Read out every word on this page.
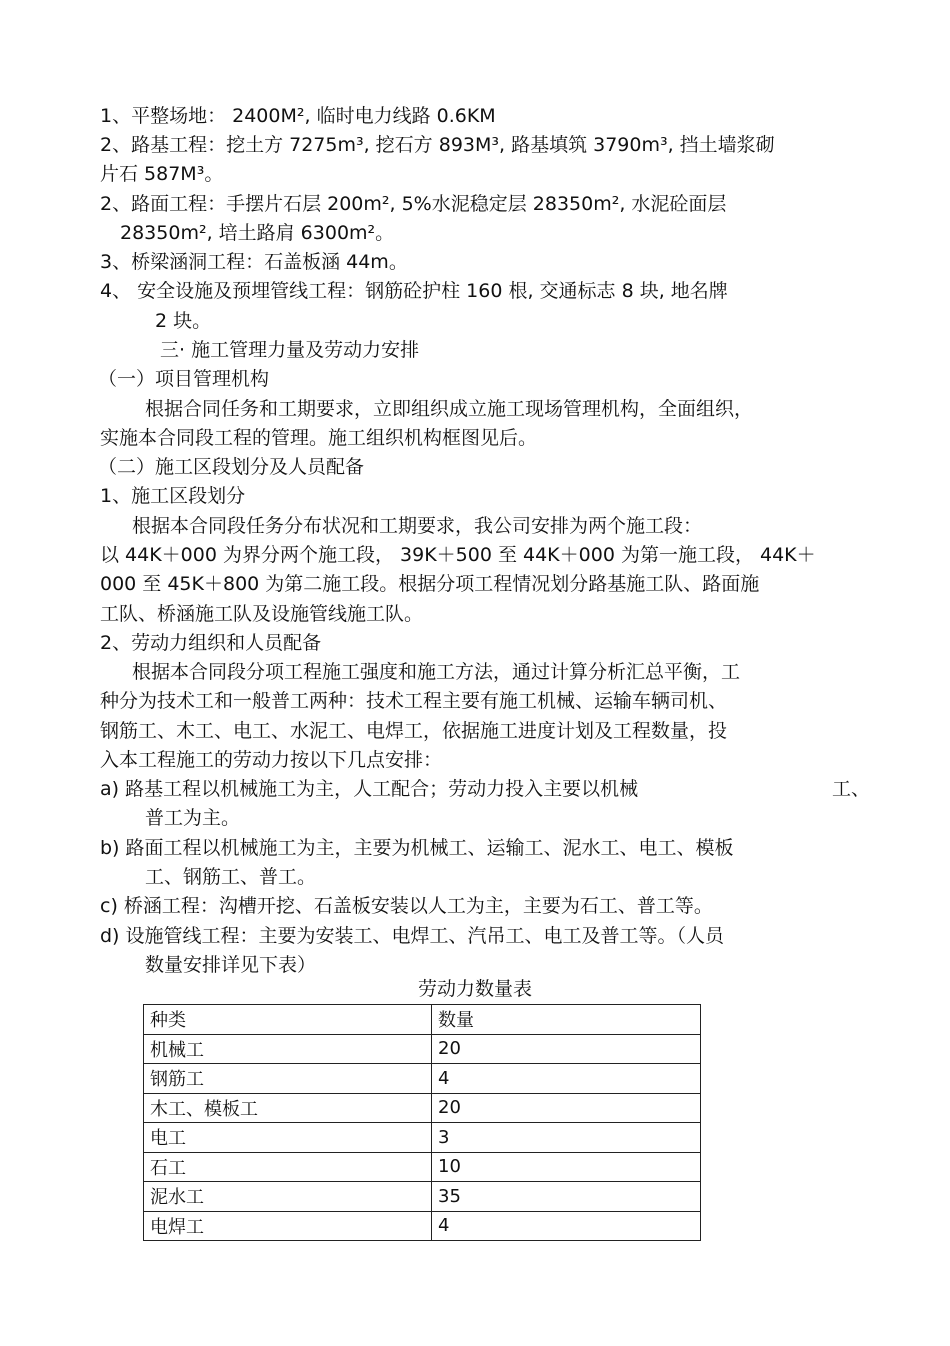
1、平整场地： 2400M², 临时电力线路 0.6KM
2、路基工程：挖土方 7275m³, 挖石方 893M³, 路基填筑 3790m³, 挡土墙浆砌
片石 587M³。
2、路面工程：手摆片石层 200m², 5%水泥稳定层 28350m², 水泥砼面层
28350m², 培土路肩 6300m²。
3、桥梁涵洞工程：石盖板涵 44m。
4、 安全设施及预埋管线工程：钢筋砼护柱 160 根, 交通标志 8 块, 地名牌
2 块。
三· 施工管理力量及劳动力安排
（一）项目管理机构
根据合同任务和工期要求，立即组织成立施工现场管理机构，全面组织，
实施本合同段工程的管理。施工组织机构框图见后。
（二）施工区段划分及人员配备
1、施工区段划分
根据本合同段任务分布状况和工期要求，我公司安排为两个施工段：
以 44K＋000 为界分两个施工段， 39K＋500 至 44K＋000 为第一施工段， 44K＋
000 至 45K＋800 为第二施工段。根据分项工程情况划分路基施工队、路面施
工队、桥涵施工队及设施管线施工队。
2、劳动力组织和人员配备
根据本合同段分项工程施工强度和施工方法，通过计算分析汇总平衡，工
种分为技术工和一般普工两种：技术工程主要有施工机械、运输车辆司机、
钢筋工、木工、电工、水泥工、电焊工，依据施工进度计划及工程数量，投
入本工程施工的劳动力按以下几点安排：
a) 路基工程以机械施工为主，人工配合；劳动力投入主要以机械	工、
普工为主。
b) 路面工程以机械施工为主，主要为机械工、运输工、泥水工、电工、模板
工、钢筋工、普工。
c) 桥涵工程：沟槽开挖、石盖板安装以人工为主，主要为石工、普工等。
d) 设施管线工程：主要为安装工、电焊工、汽吊工、电工及普工等。（人员
数量安排详见下表）
劳动力数量表
种类	数量
机械工	20
钢筋工	4
木工、模板工	20
电工	3
石工	10
泥水工	35
电焊工	4
